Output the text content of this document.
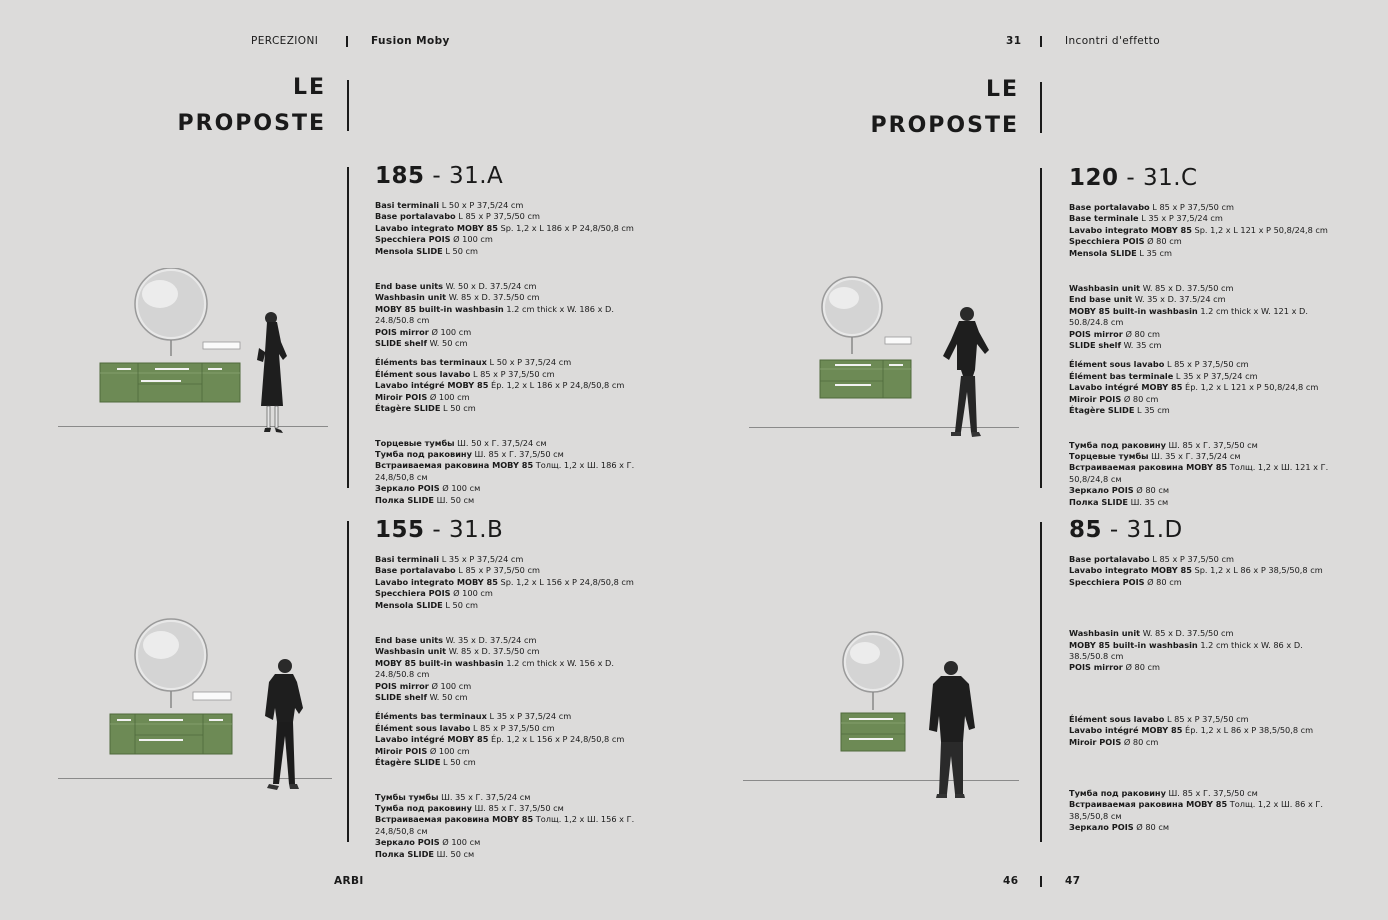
PERCEZIONI	Fusion Moby	31	Incontri d'effetto
LE
PROPOSTE
LE
PROPOSTE
185 - 31.A
Basi terminali L 50 x P 37,5/24 cm
Base portalavabo L 85 x P 37,5/50 cm
Lavabo integrato MOBY 85 Sp. 1,2 x L 186 x P 24,8/50,8 cm
Specchiera POIS Ø 100 cm
Mensola SLIDE L 50 cm
End base units W. 50 x D. 37.5/24 cm
Washbasin unit W. 85 x D. 37.5/50 cm
MOBY 85 built-in washbasin 1.2 cm thick x W. 186 x D. 24.8/50.8 cm
POIS mirror Ø 100 cm
SLIDE shelf W. 50 cm
Éléments bas terminaux L 50 x P 37,5/24 cm
Élément sous lavabo L 85 x P 37,5/50 cm
Lavabo intégré MOBY 85 Ép. 1,2 x L 186 x P 24,8/50,8 cm
Miroir POIS Ø 100 cm
Étagère SLIDE L 50 cm
Торцевые тумбы Ш. 50 x Г. 37,5/24 см
Тумба под раковину Ш. 85 x Г. 37,5/50 см
Встраиваемая раковина MOBY 85 Толщ. 1,2 x Ш. 186 x Г. 24,8/50,8 см
Зеркало POIS Ø 100 см
Полка SLIDE Ш. 50 см
155 - 31.B
Basi terminali L 35 x P 37,5/24 cm
Base portalavabo L 85 x P 37,5/50 cm
Lavabo integrato MOBY 85 Sp. 1,2 x L 156 x P 24,8/50,8 cm
Specchiera POIS Ø 100 cm
Mensola SLIDE L 50 cm
End base units W. 35 x D. 37.5/24 cm
Washbasin unit W. 85 x D. 37.5/50 cm
MOBY 85 built-in washbasin 1.2 cm thick x W. 156 x D. 24.8/50.8 cm
POIS mirror Ø 100 cm
SLIDE shelf W. 50 cm
Éléments bas terminaux L 35 x P 37,5/24 cm
Élément sous lavabo L 85 x P 37,5/50 cm
Lavabo intégré MOBY 85 Ép. 1,2 x L 156 x P 24,8/50,8 cm
Miroir POIS Ø 100 cm
Étagère SLIDE L 50 cm
Тумбы тумбы Ш. 35 x Г. 37,5/24 см
Тумба под раковину Ш. 85 x Г. 37,5/50 см
Встраиваемая раковина MOBY 85 Толщ. 1,2 x Ш. 156 x Г. 24,8/50,8 см
Зеркало POIS Ø 100 см
Полка SLIDE Ш. 50 см
120 - 31.C
Base portalavabo L 85 x P 37,5/50 cm
Base terminale L 35 x P 37,5/24 cm
Lavabo integrato MOBY 85 Sp. 1,2 x L 121 x P 50,8/24,8 cm
Specchiera POIS Ø 80 cm
Mensola SLIDE L 35 cm
Washbasin unit W. 85 x D. 37.5/50 cm
End base unit W. 35 x D. 37.5/24 cm
MOBY 85 built-in washbasin 1.2 cm thick x W. 121 x D. 50.8/24.8 cm
POIS mirror Ø 80 cm
SLIDE shelf W. 35 cm
Élément sous lavabo L 85 x P 37,5/50 cm
Élément bas terminale L 35 x P 37,5/24 cm
Lavabo intégré MOBY 85 Ép. 1,2 x L 121 x P 50,8/24,8 cm
Miroir POIS Ø 80 cm
Étagère SLIDE L 35 cm
Тумба под раковину Ш. 85 x Г. 37,5/50 см
Торцевые тумбы Ш. 35 x Г. 37,5/24 см
Встраиваемая раковина MOBY 85 Толщ. 1,2 x Ш. 121 x Г. 50,8/24,8 см
Зеркало POIS Ø 80 см
Полка SLIDE Ш. 35 см
85 - 31.D
Base portalavabo L 85 x P 37,5/50 cm
Lavabo integrato MOBY 85 Sp. 1,2 x L 86 x P 38,5/50,8 cm
Specchiera POIS Ø 80 cm
Washbasin unit W. 85 x D. 37.5/50 cm
MOBY 85 built-in washbasin 1.2 cm thick x W. 86 x D. 38.5/50.8 cm
POIS mirror Ø 80 cm
Élément sous lavabo L 85 x P 37,5/50 cm
Lavabo intégré MOBY 85 Ép. 1,2 x L 86 x P 38,5/50,8 cm
Miroir POIS Ø 80 cm
Тумба под раковину Ш. 85 x Г. 37,5/50 см
Встраиваемая раковина MOBY 85 Толщ. 1,2 x Ш. 86 x Г. 38,5/50,8 см
Зеркало POIS Ø 80 см
ARBI	46	47
